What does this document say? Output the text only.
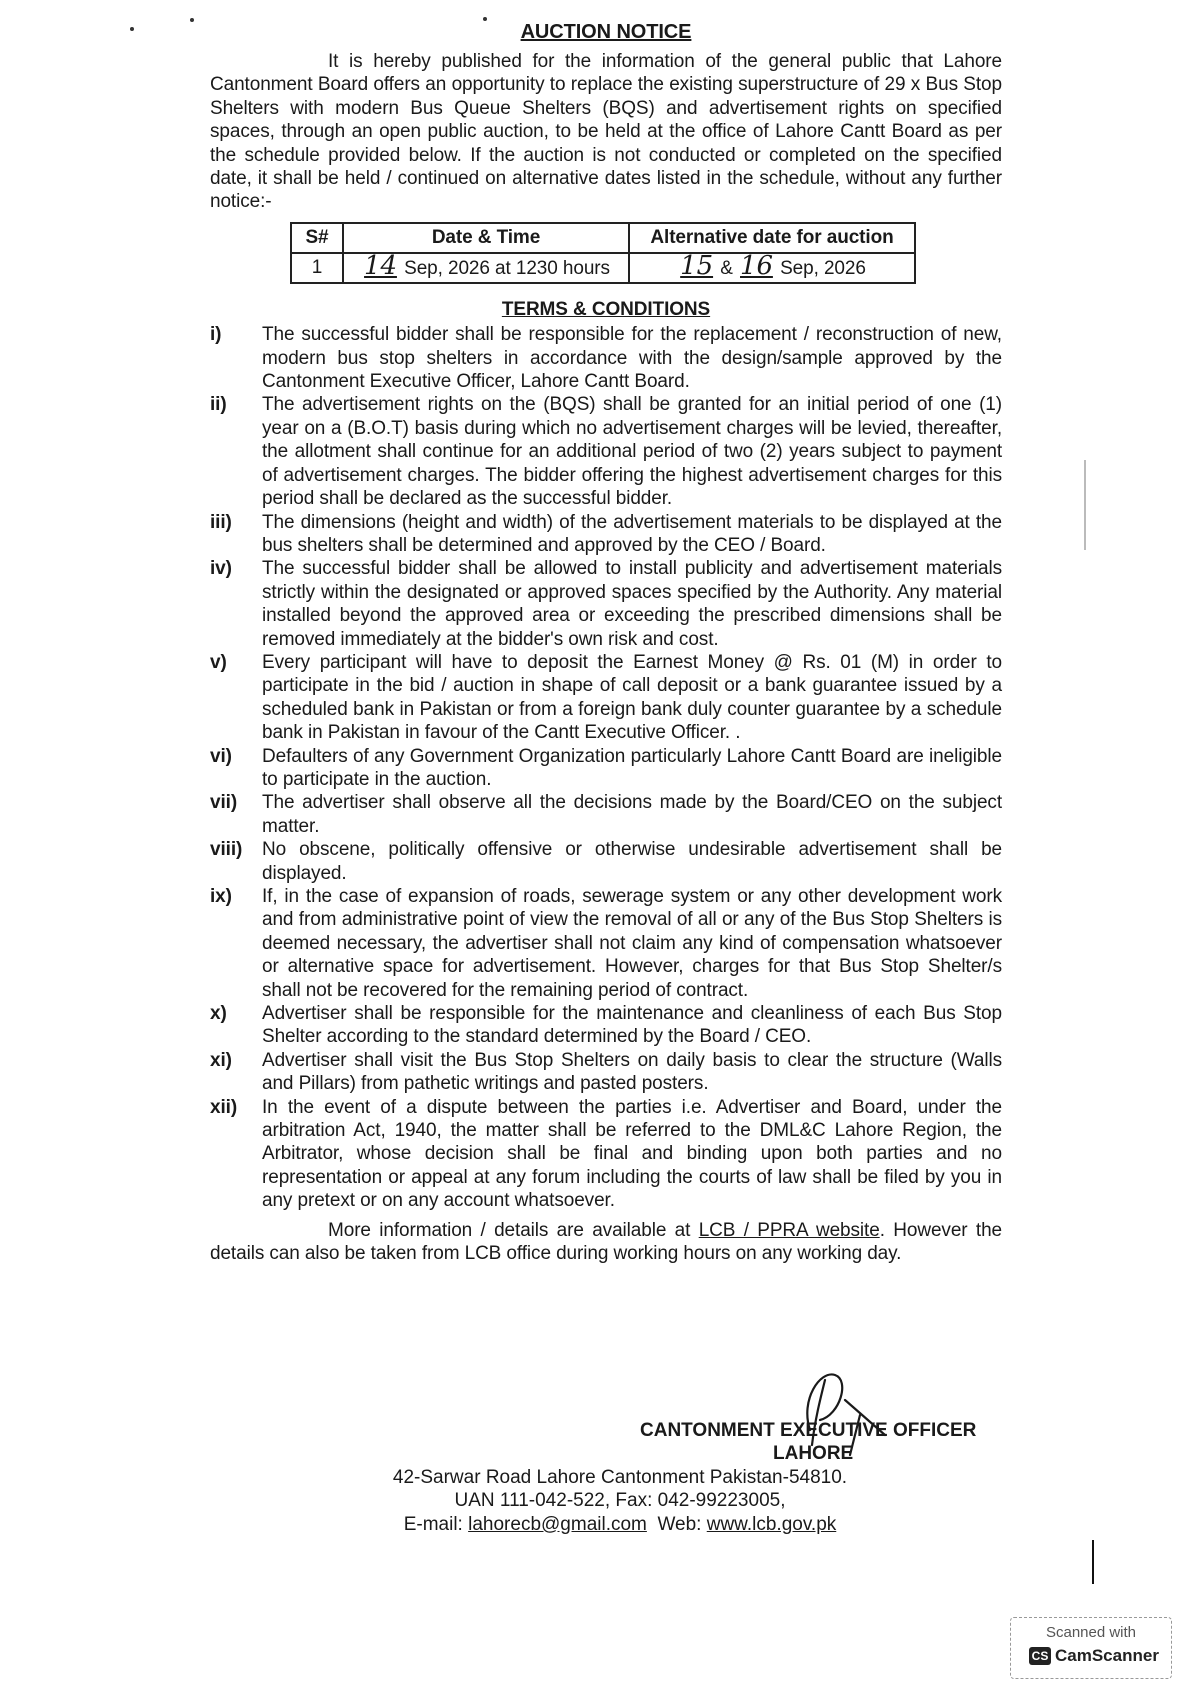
AUCTION NOTICE

It is hereby published for the information of the general public that Lahore Cantonment Board offers an opportunity to replace the existing superstructure of 29 x Bus Stop Shelters with modern Bus Queue Shelters (BQS) and advertisement rights on specified spaces, through an open public auction, to be held at the office of Lahore Cantt Board as per the schedule provided below. If the auction is not conducted or completed on the specified date, it shall be held / continued on alternative dates listed in the schedule, without any further notice:-

S#	Date & Time	Alternative date for auction
1	14 Sep, 2026 at 1230 hours	15 & 16 Sep, 2026
TERMS & CONDITIONS
i)	The successful bidder shall be responsible for the replacement / reconstruction of new, modern bus stop shelters in accordance with the design/sample approved by the Cantonment Executive Officer, Lahore Cantt Board.
ii)	The advertisement rights on the (BQS) shall be granted for an initial period of one (1) year on a (B.O.T) basis during which no advertisement charges will be levied, thereafter, the allotment shall continue for an additional period of two (2) years subject to payment of advertisement charges. The bidder offering the highest advertisement charges for this period shall be declared as the successful bidder.
iii)	The dimensions (height and width) of the advertisement materials to be displayed at the bus shelters shall be determined and approved by the CEO / Board.
iv)	The successful bidder shall be allowed to install publicity and advertisement materials strictly within the designated or approved spaces specified by the Authority. Any material installed beyond the approved area or exceeding the prescribed dimensions shall be removed immediately at the bidder's own risk and cost.
v)	Every participant will have to deposit the Earnest Money @ Rs. 01 (M) in order to participate in the bid / auction in shape of call deposit or a bank guarantee issued by a scheduled bank in Pakistan or from a foreign bank duly counter guarantee by a schedule bank in Pakistan in favour of the Cantt Executive Officer. .
vi)	Defaulters of any Government Organization particularly Lahore Cantt Board are ineligible to participate in the auction.
vii)	The advertiser shall observe all the decisions made by the Board/CEO on the subject matter.
viii)	No obscene, politically offensive or otherwise undesirable advertisement shall be displayed.
ix)	If, in the case of expansion of roads, sewerage system or any other development work and from administrative point of view the removal of all or any of the Bus Stop Shelters is deemed necessary, the advertiser shall not claim any kind of compensation whatsoever or alternative space for advertisement. However, charges for that Bus Stop Shelter/s shall not be recovered for the remaining period of contract.
x)	Advertiser shall be responsible for the maintenance and cleanliness of each Bus Stop Shelter according to the standard determined by the Board / CEO.
xi)	Advertiser shall visit the Bus Stop Shelters on daily basis to clear the structure (Walls and Pillars) from pathetic writings and pasted posters.
xii)	In the event of a dispute between the parties i.e. Advertiser and Board, under the arbitration Act, 1940, the matter shall be referred to the DML&C Lahore Region, the Arbitrator, whose decision shall be final and binding upon both parties and no representation or appeal at any forum including the courts of law shall be filed by you in any pretext or on any account whatsoever.

More information / details are available at LCB / PPRA website. However the details can also be taken from LCB office during working hours on any working day.

CANTONMENT EXECUTIVE OFFICER
LAHORE
42-Sarwar Road Lahore Cantonment Pakistan-54810.
UAN 111-042-522, Fax: 042-99223005,
E-mail: lahorecb@gmail.com Web: www.lcb.gov.pk
Scanned with
CS CamScanner
